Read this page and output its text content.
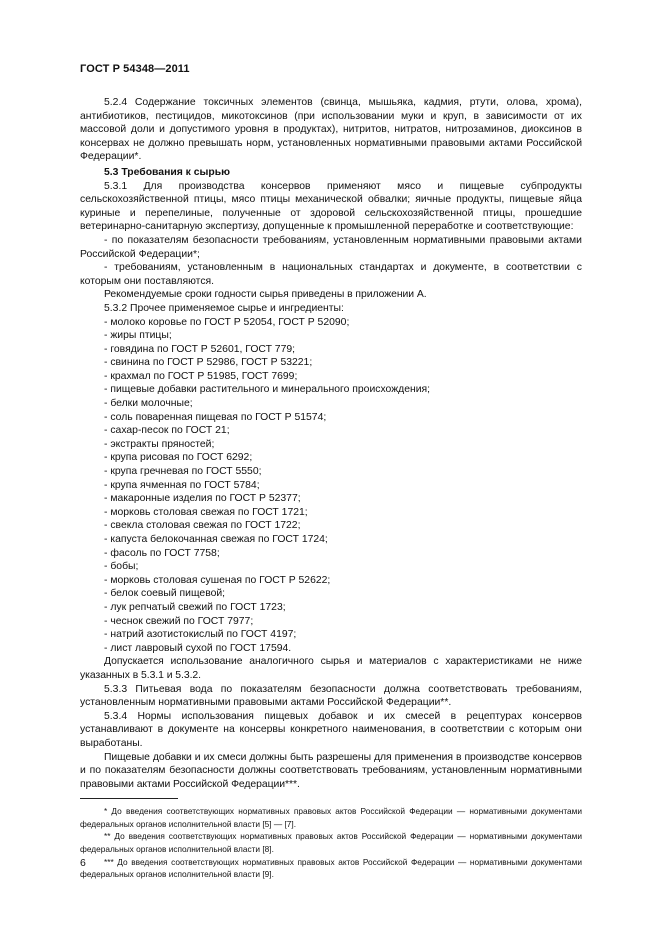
ГОСТ Р 54348—2011

5.2.4 Содержание токсичных элементов (свинца, мышьяка, кадмия, ртути, олова, хрома), антибиотиков, пестицидов, микотоксинов (при использовании муки и круп, в зависимости от их массовой доли и допустимого уровня в продуктах), нитритов, нитратов, нитрозаминов, диоксинов в консервах не должно превышать норм, установленных нормативными правовыми актами Российской Федерации*.

5.3 Требования к сырью

5.3.1 Для производства консервов применяют мясо и пищевые субпродукты сельскохозяйственной птицы, мясо птицы механической обвалки; яичные продукты, пищевые яйца куриные и перепелиные, полученные от здоровой сельскохозяйственной птицы, прошедшие ветеринарно-санитарную экспертизу, допущенные к промышленной переработке и соответствующие:

- по показателям безопасности требованиям, установленным нормативными правовыми актами Российской Федерации*;

- требованиям, установленным в национальных стандартах и документе, в соответствии с которым они поставляются.

Рекомендуемые сроки годности сырья приведены в приложении А.

5.3.2 Прочее применяемое сырье и ингредиенты:

- молоко коровье по ГОСТ Р 52054, ГОСТ Р 52090;

- жиры птицы;

- говядина по ГОСТ Р 52601, ГОСТ 779;

- свинина по ГОСТ Р 52986, ГОСТ Р 53221;

- крахмал по ГОСТ Р 51985, ГОСТ 7699;

- пищевые добавки растительного и минерального происхождения;

- белки молочные;

- соль поваренная пищевая по ГОСТ Р 51574;

- сахар-песок по ГОСТ 21;

- экстракты пряностей;

- крупа рисовая по ГОСТ 6292;

- крупа гречневая по ГОСТ 5550;

- крупа ячменная по ГОСТ 5784;

- макаронные изделия по ГОСТ Р 52377;

- морковь столовая свежая по ГОСТ 1721;

- свекла столовая свежая по ГОСТ 1722;

- капуста белокочанная свежая по ГОСТ 1724;

- фасоль по ГОСТ 7758;

- бобы;

- морковь столовая сушеная по ГОСТ Р 52622;

- белок соевый пищевой;

- лук репчатый свежий по ГОСТ 1723;

- чеснок свежий по ГОСТ 7977;

- натрий азотистокислый по ГОСТ 4197;

- лист лавровый сухой по ГОСТ 17594.

Допускается использование аналогичного сырья и материалов с характеристиками не ниже указанных в 5.3.1 и 5.3.2.

5.3.3 Питьевая вода по показателям безопасности должна соответствовать требованиям, установленным нормативными правовыми актами Российской Федерации**.

5.3.4 Нормы использования пищевых добавок и их смесей в рецептурах консервов устанавливают в документе на консервы конкретного наименования, в соответствии с которым они выработаны.

Пищевые добавки и их смеси должны быть разрешены для применения в производстве консервов и по показателям безопасности должны соответствовать требованиям, установленным нормативными правовыми актами Российской Федерации***.

* До введения соответствующих нормативных правовых актов Российской Федерации — нормативными документами федеральных органов исполнительной власти [5] — [7].

** До введения соответствующих нормативных правовых актов Российской Федерации — нормативными документами федеральных органов исполнительной власти [8].

*** До введения соответствующих нормативных правовых актов Российской Федерации — нормативными документами федеральных органов исполнительной власти [9].

6
